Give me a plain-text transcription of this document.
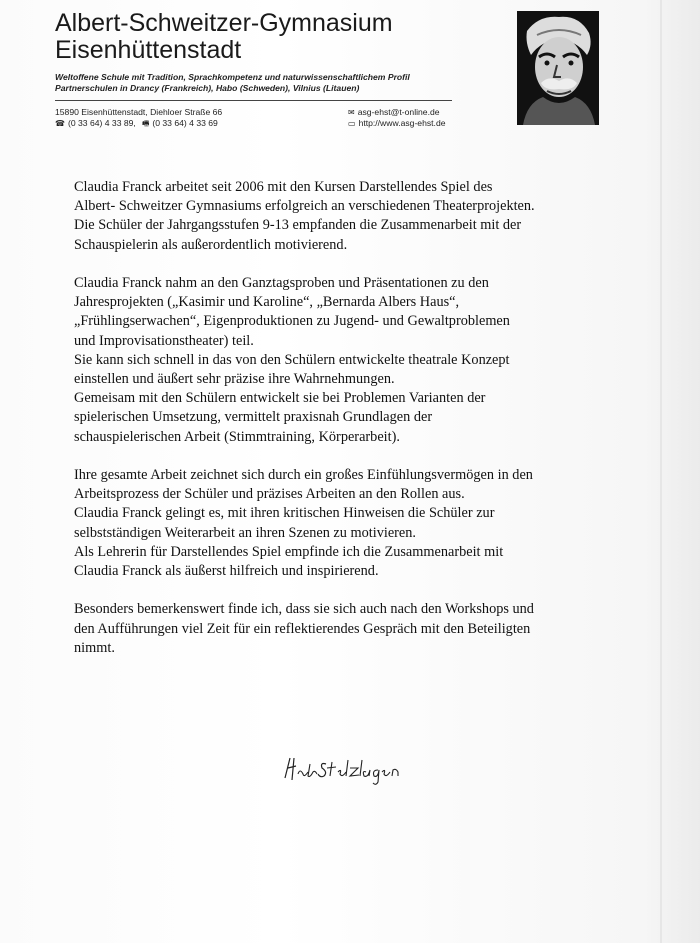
Albert-Schweitzer-Gymnasium
Eisenhüttenstadt
Weltoffene Schule mit Tradition, Sprachkompetenz und naturwissenschaftlichem Profil
Partnerschulen in Drancy (Frankreich), Habo (Schweden), Vilnius (Litauen)
15890 Eisenhüttenstadt, Diehloer Straße 66
☎ (0 33 64) 4 33 89, 🖷 (0 33 64) 4 33 69
✉ asg-ehst@t-online.de
▭ http://www.asg-ehst.de

Claudia Franck arbeitet seit 2006 mit den Kursen Darstellendes Spiel des
Albert- Schweitzer Gymnasiums erfolgreich an verschiedenen Theaterprojekten.
Die Schüler der Jahrgangsstufen 9-13 empfanden die Zusammenarbeit mit der
Schauspielerin als außerordentlich motivierend.

Claudia Franck nahm an den Ganztagsproben und Präsentationen zu den
Jahresprojekten („Kasimir und Karoline“, „Bernarda Albers Haus“,
„Frühlingserwachen“, Eigenproduktionen zu Jugend- und Gewaltproblemen
und Improvisationstheater) teil.
Sie kann sich schnell in das von den Schülern entwickelte theatrale Konzept
einstellen und äußert sehr präzise ihre Wahrnehmungen.
Gemeisam mit den Schülern entwickelt sie bei Problemen Varianten der
spielerischen Umsetzung, vermittelt praxisnah Grundlagen der
schauspielerischen Arbeit (Stimmtraining, Körperarbeit).

Ihre gesamte Arbeit zeichnet sich durch ein großes Einfühlungsvermögen in den
Arbeitsprozess der Schüler und präzises Arbeiten an den Rollen aus.
Claudia Franck gelingt es, mit ihren kritischen Hinweisen die Schüler zur
selbstständigen Weiterarbeit an ihren Szenen zu motivieren.
Als Lehrerin für Darstellendes Spiel empfinde ich die Zusammenarbeit mit
Claudia Franck als äußerst hilfreich und inspirierend.

Besonders bemerkenswert finde ich, dass sie sich auch nach den Workshops und
den Aufführungen viel Zeit für ein reflektierendes Gespräch mit den Beteiligten
nimmt.
